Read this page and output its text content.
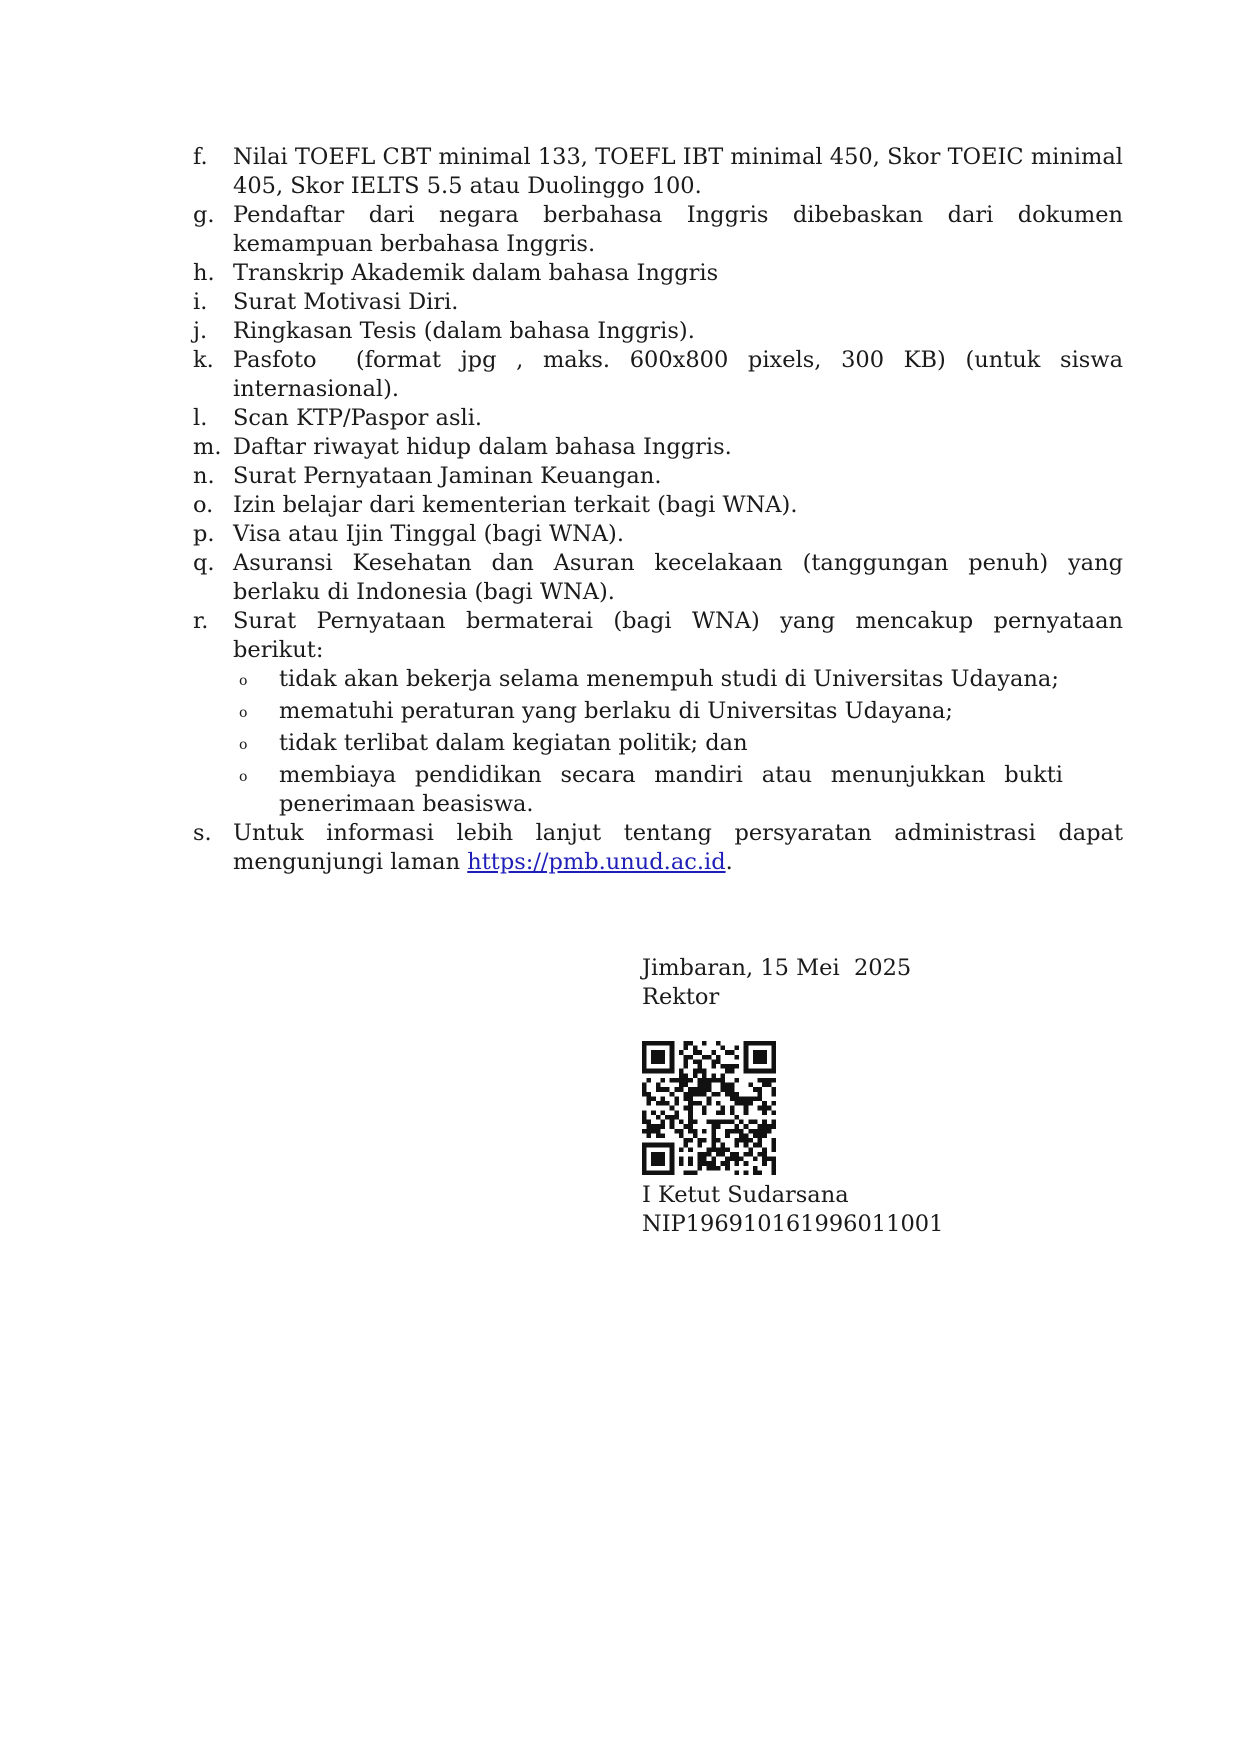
f.	Nilai TOEFL CBT minimal 133, TOEFL IBT minimal 450, Skor TOEIC minimal 405, Skor IELTS 5.5 atau Duolinggo 100.
g. Pendaftar dari negara berbahasa Inggris dibebaskan dari dokumen kemampuan berbahasa Inggris.
h. Transkrip Akademik dalam bahasa Inggris
i.	Surat Motivasi Diri.
j.	Ringkasan Tesis (dalam bahasa Inggris).
k. Pasfoto  (format jpg , maks. 600x800 pixels, 300 KB) (untuk siswa internasional).
l.	Scan KTP/Paspor asli.
m. Daftar riwayat hidup dalam bahasa Inggris.
n. Surat Pernyataan Jaminan Keuangan.
o. Izin belajar dari kementerian terkait (bagi WNA).
p. Visa atau Ijin Tinggal (bagi WNA).
q. Asuransi Kesehatan dan Asuran kecelakaan (tanggungan penuh) yang berlaku di Indonesia (bagi WNA).
r.	Surat Pernyataan bermaterai (bagi WNA) yang mencakup pernyataan berikut:
o	tidak akan bekerja selama menempuh studi di Universitas Udayana;
o	mematuhi peraturan yang berlaku di Universitas Udayana;
o	tidak terlibat dalam kegiatan politik; dan
o	membiaya pendidikan secara mandiri atau menunjukkan bukti penerimaan beasiswa.
s. Untuk informasi lebih lanjut tentang persyaratan administrasi dapat mengunjungi laman https://pmb.unud.ac.id.
Jimbaran, 15 Mei  2025
Rektor
I Ketut Sudarsana
NIP196910161996011001
